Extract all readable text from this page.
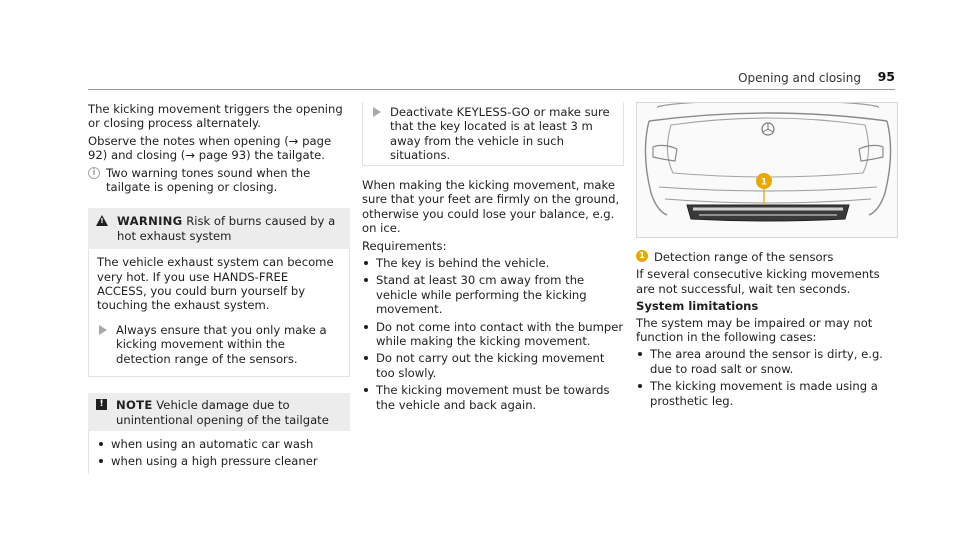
Opening and closing 95

The kicking movement triggers the opening or closing process alternately.

Observe the notes when opening (→ page 92) and closing (→ page 93) the tailgate.

i Two warning tones sound when the tailgate is opening or closing.
! WARNING Risk of burns caused by a hot exhaust system

The vehicle exhaust system can become very hot. If you use HANDS-FREE ACCESS, you could burn yourself by touching the exhaust system.

Always ensure that you only make a kicking movement within the detection range of the sensors.
! NOTE Vehicle damage due to unintentional opening of the tailgate
when using an automatic car wash
when using a high pressure cleaner
Deactivate KEYLESS-GO or make sure that the key located is at least 3 m away from the vehicle in such situations.

When making the kicking movement, make sure that your feet are firmly on the ground, otherwise you could lose your balance, e.g. on ice.

Requirements:

The key is behind the vehicle.
Stand at least 30 cm away from the vehicle while performing the kicking movement.
Do not come into contact with the bumper while making the kicking movement.
Do not carry out the kicking movement too slowly.
The kicking movement must be towards the vehicle and back again.
1
1 Detection range of the sensors

If several consecutive kicking movements are not successful, wait ten seconds.

System limitations

The system may be impaired or may not function in the following cases:

The area around the sensor is dirty, e.g. due to road salt or snow.
The kicking movement is made using a prosthetic leg.
